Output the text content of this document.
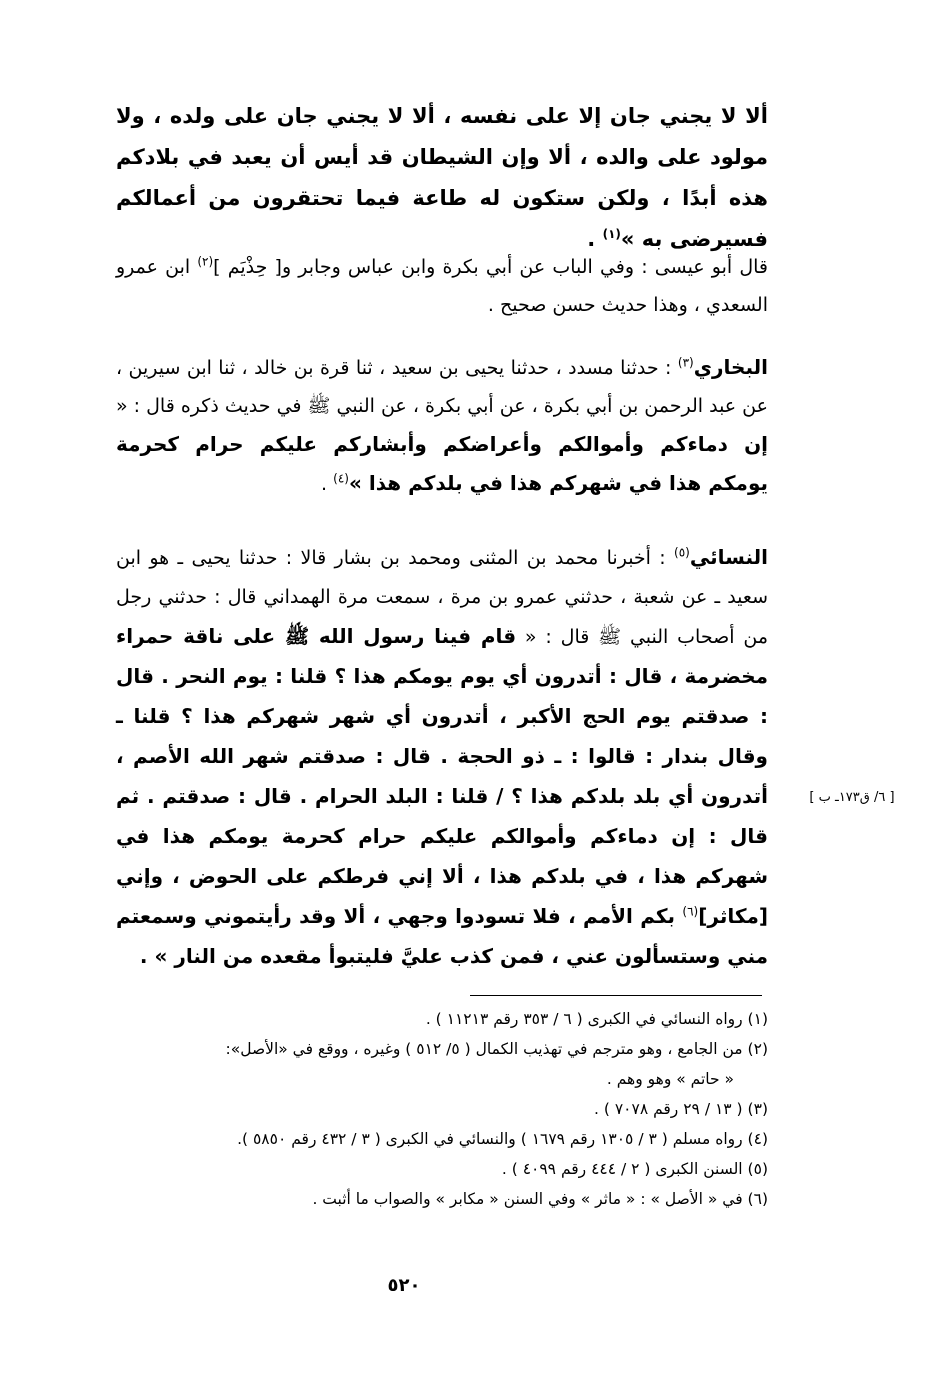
ألا لا يجني جان إلا على نفسه ، ألا لا يجني جان على ولده ، ولا مولود على والده ، ألا وإن الشيطان قد أيس أن يعبد في بلادكم هذه أبدًا ، ولكن ستكون له طاعة فيما تحتقرون من أعمالكم فسيرضى به »$^{(١)}$ .
قال أبو عيسى : وفي الباب عن أبي بكرة وابن عباس وجابر و[ حِذْيَم ]$^{(٢)}$ ابن عمرو السعدي ، وهذا حديث حسن صحيح .
البخاري$^{(٣)}$ : حدثنا مسدد ، حدثنا يحيى بن سعيد ، ثنا قرة بن خالد ، ثنا ابن سيرين ، عن عبد الرحمن بن أبي بكرة ، عن أبي بكرة ، عن النبي ﷺ في حديث ذكره قال : « إن دماءكم وأموالكم وأعراضكم وأبشاركم عليكم حرام كحرمة يومكم هذا في شهركم هذا في بلدكم هذا »$^{(٤)}$ .
النسائي$^{(٥)}$ : أخبرنا محمد بن المثنى ومحمد بن بشار قالا : حدثنا يحيى ـ هو ابن سعيد ـ عن شعبة ، حدثني عمرو بن مرة ، سمعت مرة الهمداني قال : حدثني رجل من أصحاب النبي ﷺ قال : « قام فينا رسول الله ﷺ على ناقة حمراء مخضرمة ، قال : أتدرون أي يوم يومكم هذا ؟ قلنا : يوم النحر . قال : صدقتم يوم الحج الأكبر ، أتدرون أي شهر شهركم هذا ؟ قلنا ـ وقال بندار : قالوا : ـ ذو الحجة . قال : صدقتم شهر الله الأصم ، أتدرون أي بلد بلدكم هذا ؟ / قلنا : البلد الحرام . قال : صدقتم . ثم قال : إن دماءكم وأموالكم عليكم حرام كحرمة يومكم هذا في شهركم هذا ، في بلدكم هذا ، ألا إني فرطكم على الحوض ، وإني [مكاثر]$^{(٦)}$ بكم الأمم ، فلا تسودوا وجهي ، ألا وقد رأيتموني وسمعتم مني وستسألون عني ، فمن كذب عليَّ فليتبوأ مقعده من النار » .
[ ٦/ ق١٧٣ـ ب ]
(١) رواه النسائي في الكبرى ( ٦ / ٣٥٣ رقم ١١٢١٣ ) .
(٢) من الجامع ، وهو مترجم في تهذيب الكمال ( ٥/ ٥١٢ ) وغيره ، ووقع في «الأصل»:
« حاتم » وهو وهم .
(٣) ( ١٣ / ٢٩ رقم ٧٠٧٨ ) .
(٤) رواه مسلم ( ٣ / ١٣٠٥ رقم ١٦٧٩ ) والنسائي في الكبرى ( ٣ / ٤٣٢ رقم ٥٨٥٠ ).
(٥) السنن الكبرى ( ٢ / ٤٤٤ رقم ٤٠٩٩ ) .
(٦) في « الأصل » : « ماثر » وفي السنن « مكابر » والصواب ما أثبت .
٥٢٠
